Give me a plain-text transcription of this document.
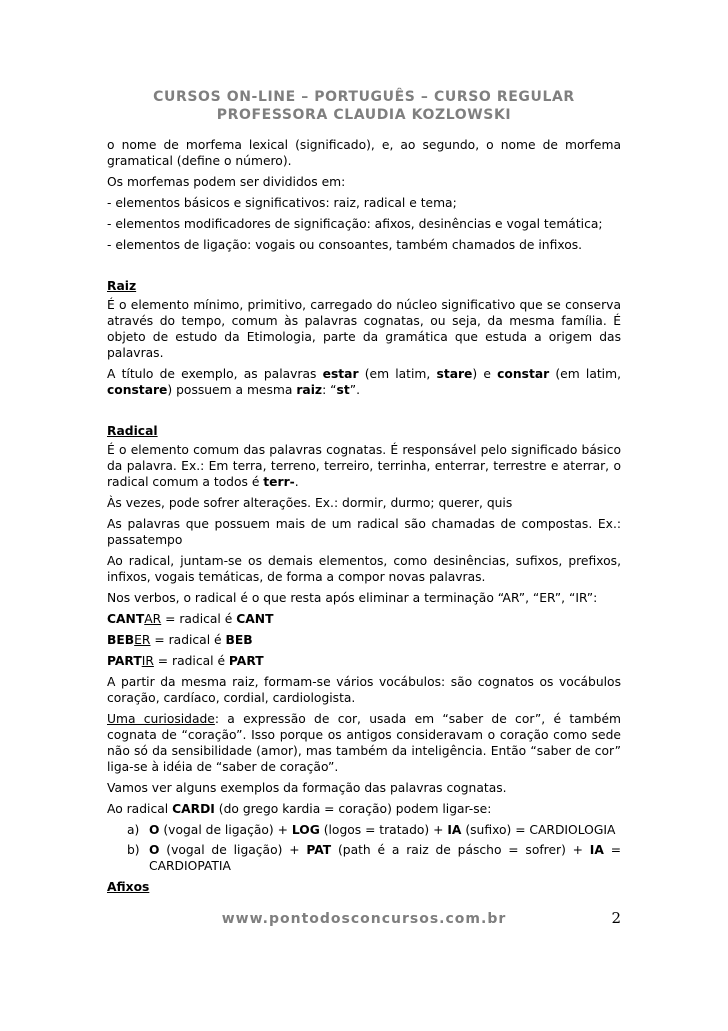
CURSOS ON-LINE – PORTUGUÊS – CURSO REGULAR
PROFESSORA CLAUDIA KOZLOWSKI

o nome de morfema lexical (significado), e, ao segundo, o nome de morfema gramatical (define o número).

Os morfemas podem ser divididos em:

- elementos básicos e significativos: raiz, radical e tema;

- elementos modificadores de significação: afixos, desinências e vogal temática;

- elementos de ligação: vogais ou consoantes, também chamados de infixos.

Raiz

É o elemento mínimo, primitivo, carregado do núcleo significativo que se conserva através do tempo, comum às palavras cognatas, ou seja, da mesma família. É objeto de estudo da Etimologia, parte da gramática que estuda a origem das palavras.

A título de exemplo, as palavras estar (em latim, stare) e constar (em latim, constare) possuem a mesma raiz: “st”.

Radical

É o elemento comum das palavras cognatas. É responsável pelo significado básico da palavra. Ex.: Em terra, terreno, terreiro, terrinha, enterrar, terrestre e aterrar, o radical comum a todos é terr-.

Às vezes, pode sofrer alterações. Ex.: dormir, durmo; querer, quis

As palavras que possuem mais de um radical são chamadas de compostas. Ex.: passatempo

Ao radical, juntam-se os demais elementos, como desinências, sufixos, prefixos, infixos, vogais temáticas, de forma a compor novas palavras.

Nos verbos, o radical é o que resta após eliminar a terminação “AR”, “ER”, “IR”:

CANTAR = radical é CANT

BEBER = radical é BEB

PARTIR = radical é PART

A partir da mesma raiz, formam-se vários vocábulos: são cognatos os vocábulos coração, cardíaco, cordial, cardiologista.

Uma curiosidade: a expressão de cor, usada em “saber de cor”, é também cognata de “coração”. Isso porque os antigos consideravam o coração como sede não só da sensibilidade (amor), mas também da inteligência. Então “saber de cor” liga-se à idéia de “saber de coração”.

Vamos ver alguns exemplos da formação das palavras cognatas.

Ao radical CARDI (do grego kardia = coração) podem ligar-se:

a) O (vogal de ligação) + LOG (logos = tratado) + IA (sufixo) = CARDIOLOGIA
b) O (vogal de ligação) + PAT (path é a raiz de páscho = sofrer) + IA = CARDIOPATIA
Afixos
www.pontodosconcursos.com.br	2
